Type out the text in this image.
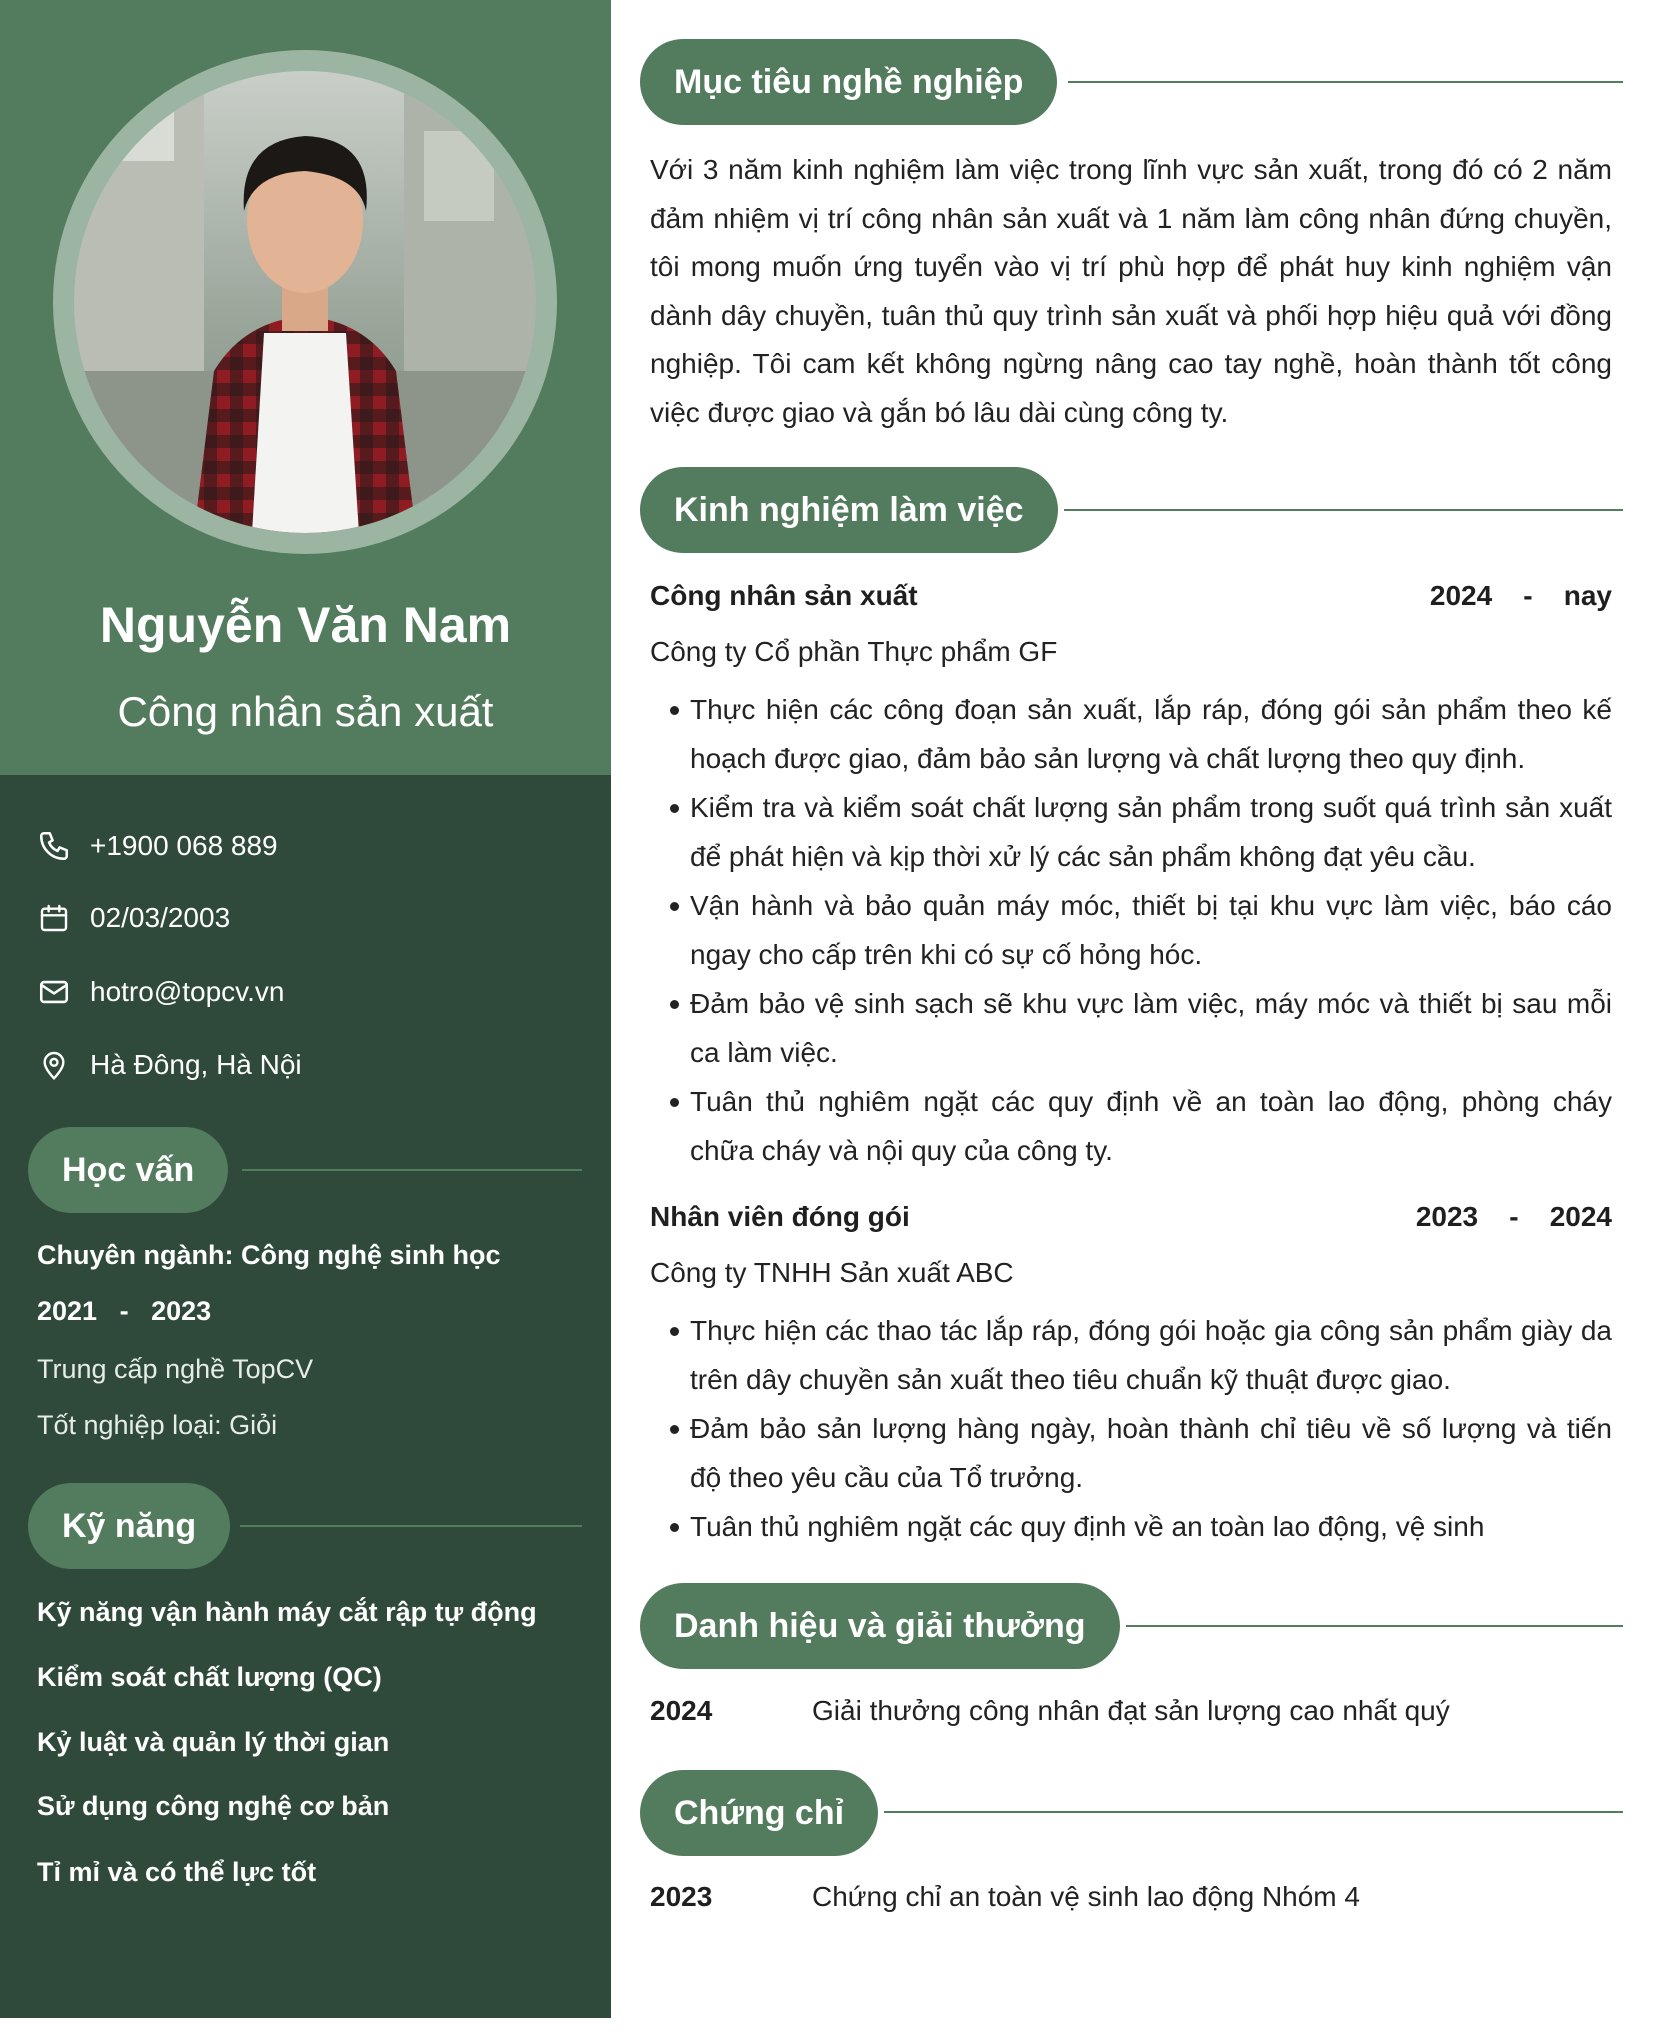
Nguyễn Văn Nam
Công nhân sản xuất
+1900 068 889
02/03/2003
hotro@topcv.vn
Hà Đông, Hà Nội
Học vấn
Chuyên ngành: Công nghệ sinh học
2021   -   2023
Trung cấp nghề TopCV
Tốt nghiệp loại: Giỏi
Kỹ năng
Kỹ năng vận hành máy cắt rập tự động
Kiểm soát chất lượng (QC)
Kỷ luật và quản lý thời gian
Sử dụng công nghệ cơ bản
Tỉ mỉ và có thể lực tốt
Mục tiêu nghề nghiệp
Với 3 năm kinh nghiệm làm việc trong lĩnh vực sản xuất, trong đó có 2 năm đảm nhiệm vị trí công nhân sản xuất và 1 năm làm công nhân đứng chuyền, tôi mong muốn ứng tuyển vào vị trí phù hợp để phát huy kinh nghiệm vận dành dây chuyền, tuân thủ quy trình sản xuất và phối hợp hiệu quả với đồng nghiệp. Tôi cam kết không ngừng nâng cao tay nghề, hoàn thành tốt công việc được giao và gắn bó lâu dài cùng công ty.
Kinh nghiệm làm việc
Công nhân sản xuất	2024    -    nay
Công ty Cổ phần Thực phẩm GF
Thực hiện các công đoạn sản xuất, lắp ráp, đóng gói sản phẩm theo kế hoạch được giao, đảm bảo sản lượng và chất lượng theo quy định.
Kiểm tra và kiểm soát chất lượng sản phẩm trong suốt quá trình sản xuất để phát hiện và kịp thời xử lý các sản phẩm không đạt yêu cầu.
Vận hành và bảo quản máy móc, thiết bị tại khu vực làm việc, báo cáo ngay cho cấp trên khi có sự cố hỏng hóc.
Đảm bảo vệ sinh sạch sẽ khu vực làm việc, máy móc và thiết bị sau mỗi ca làm việc.
Tuân thủ nghiêm ngặt các quy định về an toàn lao động, phòng cháy chữa cháy và nội quy của công ty.
Nhân viên đóng gói	2023    -    2024
Công ty TNHH Sản xuất ABC
Thực hiện các thao tác lắp ráp, đóng gói hoặc gia công sản phẩm giày da trên dây chuyền sản xuất theo tiêu chuẩn kỹ thuật được giao.
Đảm bảo sản lượng hàng ngày, hoàn thành chỉ tiêu về số lượng và tiến độ theo yêu cầu của Tổ trưởng.
Tuân thủ nghiêm ngặt các quy định về an toàn lao động, vệ sinh
Danh hiệu và giải thưởng
2024	Giải thưởng công nhân đạt sản lượng cao nhất quý
Chứng chỉ
2023	Chứng chỉ an toàn vệ sinh lao động Nhóm 4
